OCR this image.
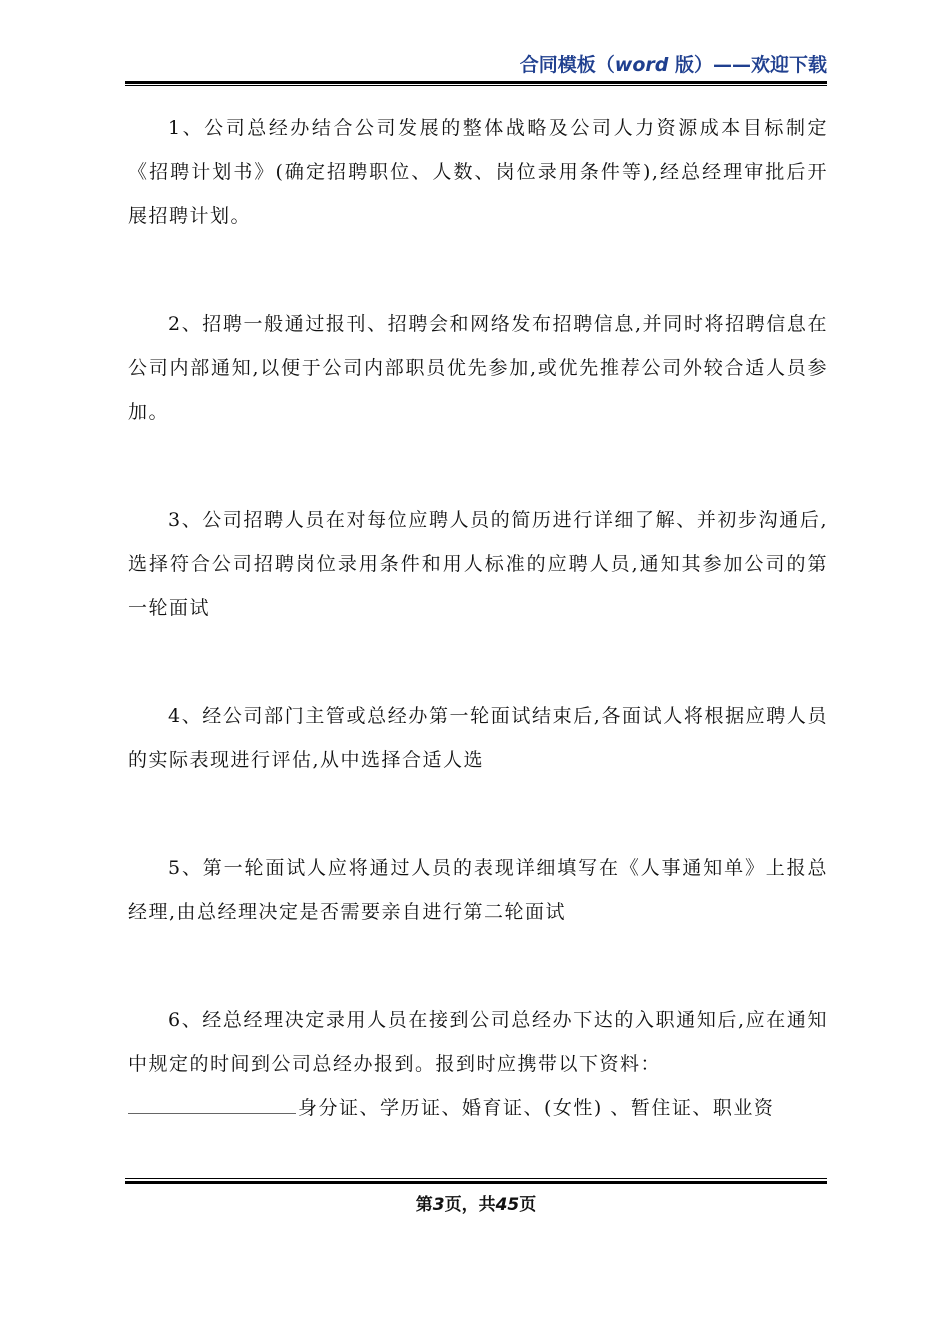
合同模板（word 版）——欢迎下载

1、公司总经办结合公司发展的整体战略及公司人力资源成本目标制定《招聘计划书》(确定招聘职位、人数、岗位录用条件等),经总经理审批后开展招聘计划。

2、招聘一般通过报刊、招聘会和网络发布招聘信息,并同时将招聘信息在公司内部通知,以便于公司内部职员优先参加,或优先推荐公司外较合适人员参加。

3、公司招聘人员在对每位应聘人员的简历进行详细了解、并初步沟通后,选择符合公司招聘岗位录用条件和用人标准的应聘人员,通知其参加公司的第一轮面试

4、经公司部门主管或总经办第一轮面试结束后,各面试人将根据应聘人员的实际表现进行评估,从中选择合适人选

5、第一轮面试人应将通过人员的表现详细填写在《人事通知单》上报总经理,由总经理决定是否需要亲自进行第二轮面试

6、经总经理决定录用人员在接到公司总经办下达的入职通知后,应在通知中规定的时间到公司总经办报到。报到时应携带以下资料：

身分证、学历证、婚育证、(女性) 、暂住证、职业资

第3页，共45页
